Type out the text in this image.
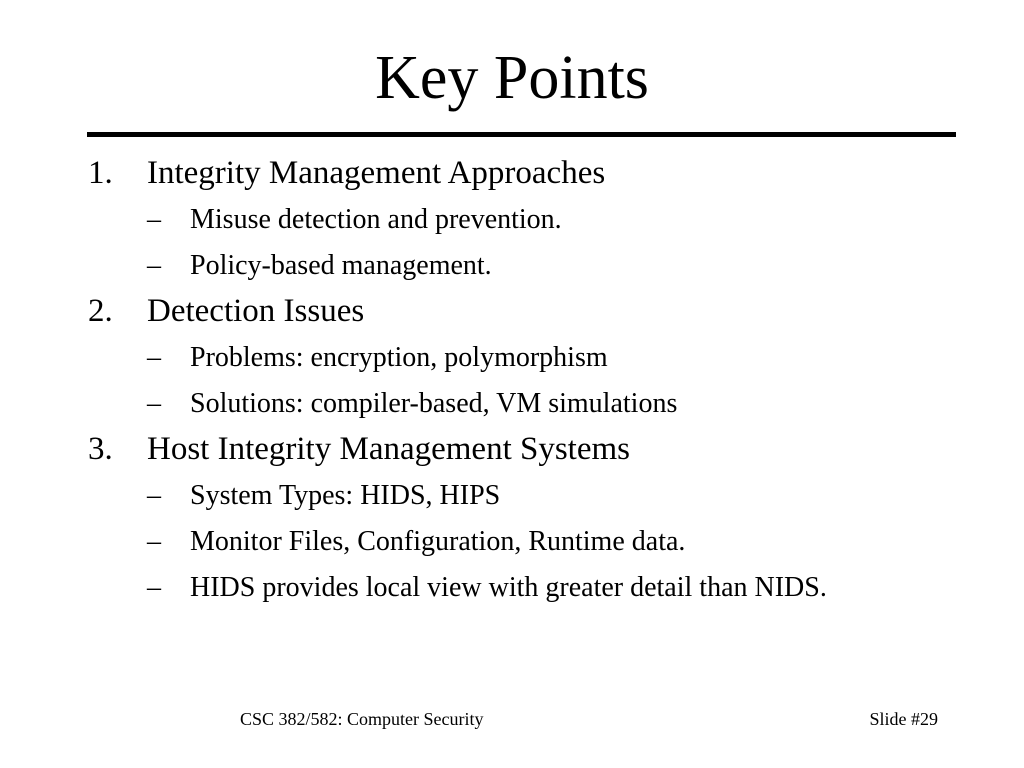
Key Points
1. Integrity Management Approaches
– Misuse detection and prevention.
– Policy-based management.
2. Detection Issues
– Problems: encryption, polymorphism
– Solutions: compiler-based, VM simulations
3. Host Integrity Management Systems
– System Types: HIDS, HIPS
– Monitor Files, Configuration, Runtime data.
– HIDS provides local view with greater detail than NIDS.
CSC 382/582: Computer Security	Slide #29
